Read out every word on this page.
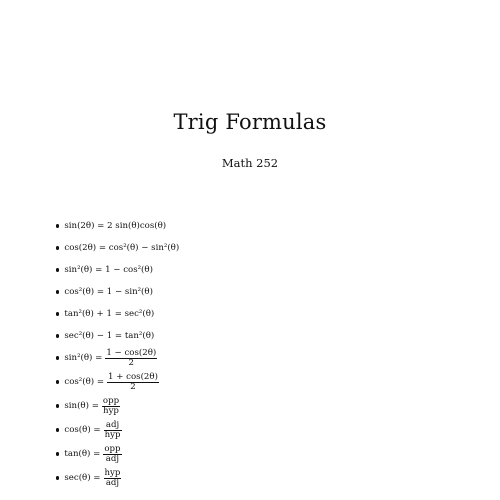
Trig Formulas
Math 252
sin(2θ) = 2 sin(θ)cos(θ)
cos(2θ) = cos²(θ) − sin²(θ)
sin²(θ) = 1 − cos²(θ)
cos²(θ) = 1 − sin²(θ)
tan²(θ) + 1 = sec²(θ)
sec²(θ) − 1 = tan²(θ)
$\sin^2(\theta) = \frac{1 - \cos(2\theta)}{2}$
$\cos^2(\theta) = \frac{1 + \cos(2\theta)}{2}$
$\sin(\theta) = \frac{\text{opp}}{\text{hyp}}$
$\cos(\theta) = \frac{\text{adj}}{\text{hyp}}$
$\tan(\theta) = \frac{\text{opp}}{\text{adj}}$
$\sec(\theta) = \frac{\text{hyp}}{\text{adj}}$
